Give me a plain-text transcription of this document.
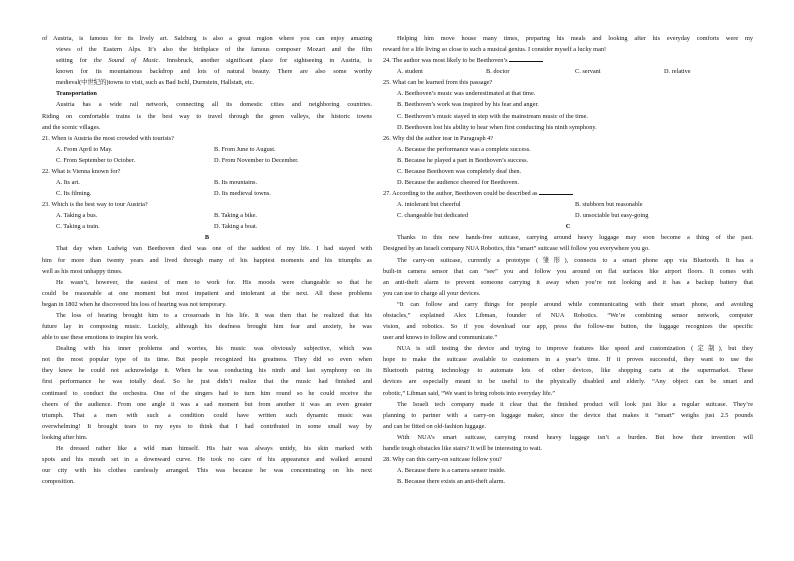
of Austria, is famous for its lively art. Salzburg is also a great region where you can enjoy amazing
views of the Eastern Alps. It’s also the birthplace of the famous composer Mozart and the film
setting for the Sound of Music. Innsbruck, another significant place for sightseeing in Austria, is
known for its mountainous backdrop and lots of natural beauty. There are also some worthy
medieval(中世纪的)towns to visit, such as Bad Ischl, Durnstein, Hallstatt, etc.
Transportation
Austria has a wide rail network, connecting all its domestic cities and neighboring countries.
Riding on comfortable trains is the best way to travel through the green valleys, the historic towns
and the scenic villages.
21. When is Austria the most crowded with tourists?
A. From April to May.	B. From June to August.
C. From September to October.	D. From November to December.
22. What is Vienna known for?
A. Its art.	B. Its mountains.
C. Its filming.	D. Its medieval towns.
23. Which is the best way to tour Austria?
A. Taking a bus.	B. Taking a bike.
C. Taking a train.	D. Taking a boat.
B
That day when Ludwig van Beethoven died was one of the saddest of my life. I had stayed with
him for more than twenty years and lived through many of his happiest moments and his triumphs as
well as his most unhappy times.
He wasn’t, however, the easiest of men to work for. His moods were changeable so that he
could be reasonable at one moment but most impatient and intolerant at the next. All these problems
began in 1802 when he discovered his loss of hearing was not temporary.
The loss of hearing brought him to a crossroads in his life. It was then that he realized that his
future lay in composing music. Luckily, although his deafness brought him fear and anxiety, he was
able to use these emotions to inspire his work.
Dealing with his inner problems and worries, his music was obviously subjective, which was
not the most popular type of its time. But people recognized his greatness. They did so even when
they knew he could not acknowledge it. When he was conducting his ninth and last symphony on its
first performance he was totally deaf. So he just didn’t realize that the music had finished and
continued to conduct the orchestra. One of the singers had to turn him round so he could receive the
cheers of the audience. From one angle it was a sad moment but from another it was an even greater
triumph. That a men with such a condition could have written such dynamic music was
overwhelming! It brought tears to my eyes to think that I had contributed in some small way by
looking after him.
He dressed rather like a wild man himself. His hair was always untidy, his skin marked with
spots and his mouth set in a downward curve. He took no care of his appearance and walked around
our city with his clothes carelessly arranged. This was because he was concentrating on his next
composition.
Helping him move house many times, preparing his meals and looking after his everyday comforts were my
reward for a life living so close to such a musical genius. I consider myself a lucky man!
24. The author was most likely to be Beethoven’s
A. student	B. doctor	C. servant	D. relative
25. What can be learned from this passage?
A. Beethoven’s music was underestimated at that time.
B. Beethoven’s work was inspired by his fear and anger.
C. Beethoven’s music stayed in step with the mainstream music of the time.
D. Beethoven lost his ability to hear when first conducting his ninth symphony.
26. Why did the author tear in Paragraph 4?
A. Because the performance was a complete success.
B. Because he played a part in Beethoven’s success.
C. Because Beethoven was completely deaf then.
D. Because the audience cheered for Beethoven.
27. According to the author, Beethoven could be described as
A. intolerant but cheerful	B. stubborn but reasonable
C. changeable but dedicated	D. unsociable but easy-going
C
Thanks to this new hands-free suitcase, carrying around heavy luggage may soon become a thing of the past.
Designed by an Israeli company NUA Robotics, this “smart” suitcase will follow you everywhere you go.
The carry-on suitcase, currently a prototype (雏形), connects to a smart phone app via Bluetooth. It has a
built-in camera sensor that can “see” you and follow you around on flat surfaces like airport floors. It comes with
an anti-theft alarm to prevent someone carrying it away when you’re not looking and it has a backup battery that
you can use to charge all your devices.
“It can follow and carry things for people around while communicating with their smart phone, and avoiding
obstacles,” explained Alex Libman, founder of NUA Robotics. “We’re combining sensor network, computer
vision, and robotics. So if you download our app, press the follow-me button, the luggage recognizes the specific
user and knows to follow and communicate.”
NUA is still testing the device and trying to improve features like speed and customization (定制), but they
hope to make the suitcase available to customers in a year’s time. If it proves successful, they want to use the
Bluetooth pairing technology to automate lots of other devices, like shopping carts at the supermarket. These
devices are especially meant to be useful to the physically disabled and elderly. “Any object can be smart and
robotic,” Libman said, “We want to bring robots into everyday life.”
The Israeli tech company made it clear that the finished product will look just like a regular suitcase. They’re
planning to partner with a carry-on luggage maker, since the device that makes it “smart” weighs just 2.5 pounds
and can be fitted on old-fashion luggage.
With NUA’s smart suitcase, carrying round heavy luggage isn’t a burden. But how their invention will
handle tough obstacles like stairs? It will be interesting to wait.
28. Why can this carry-on suitcase follow you?
A. Because there is a camera sensor inside.
B. Because there exists an anti-theft alarm.
